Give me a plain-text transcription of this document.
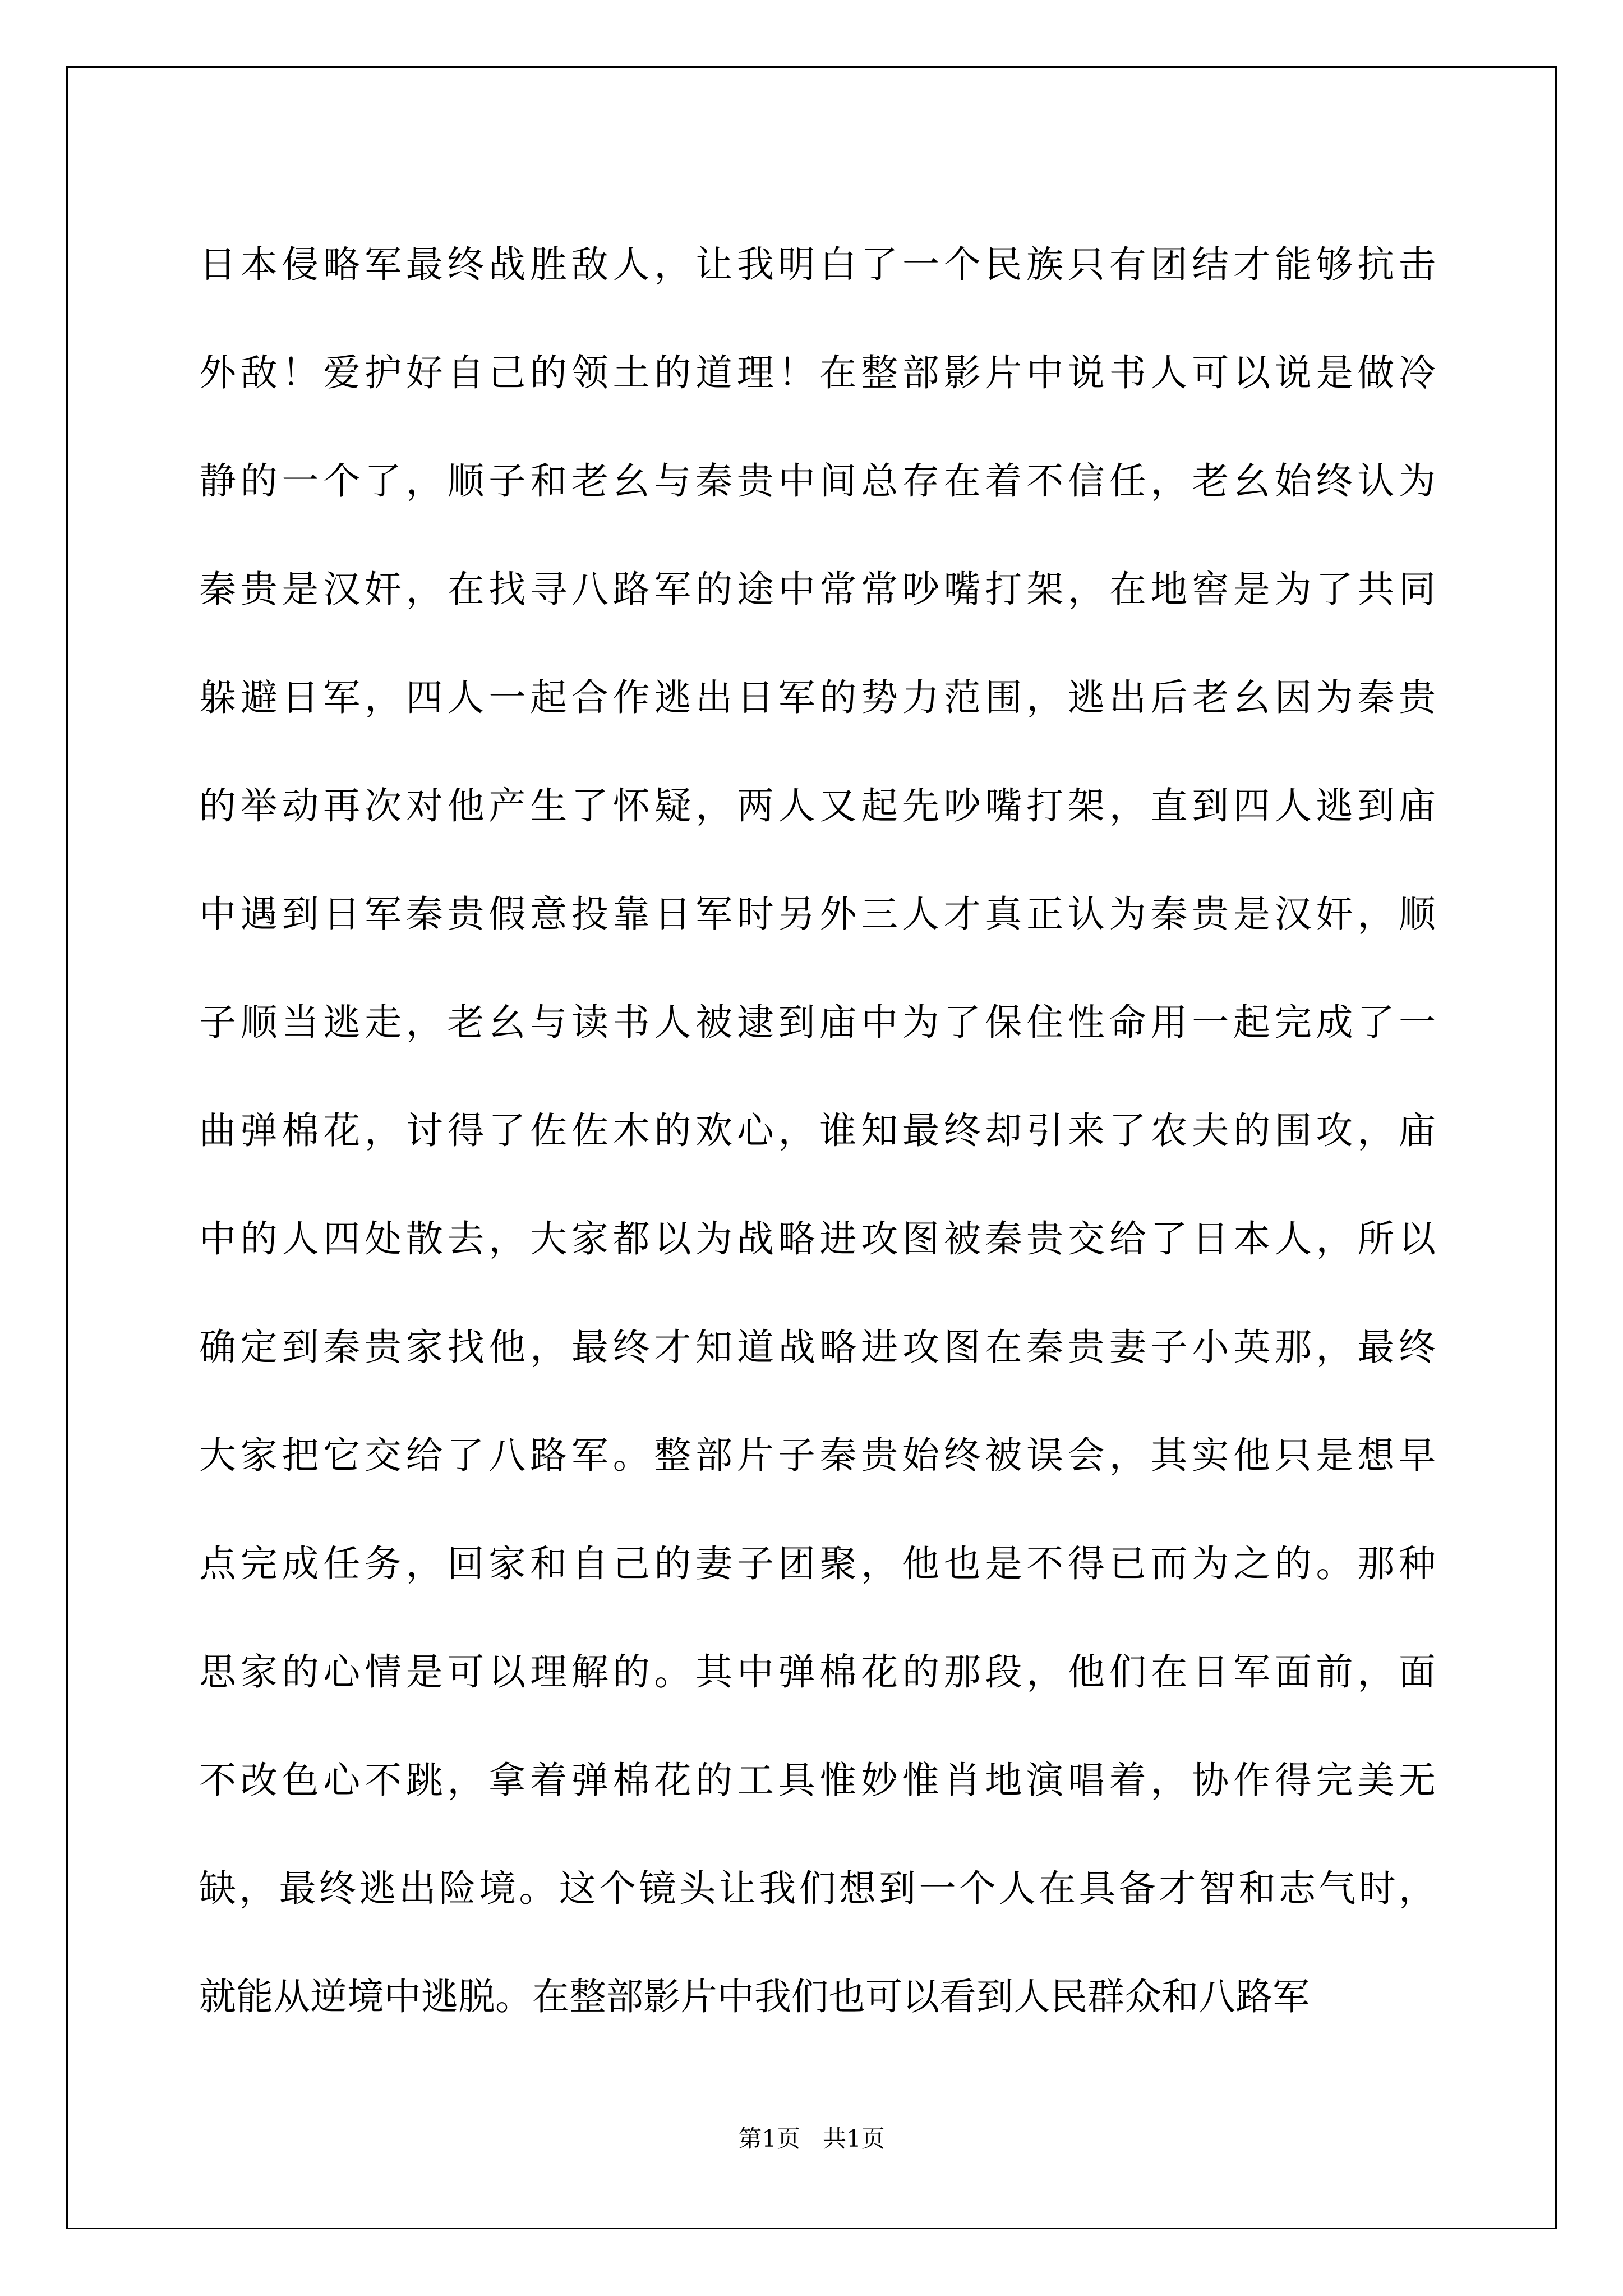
日本侵略军最终战胜敌人，让我明白了一个民族只有团结才能够抗击
外敌！爱护好自己的领土的道理！在整部影片中说书人可以说是做冷
静的一个了，顺子和老幺与秦贵中间总存在着不信任，老幺始终认为
秦贵是汉奸，在找寻八路军的途中常常吵嘴打架，在地窖是为了共同
躲避日军，四人一起合作逃出日军的势力范围，逃出后老幺因为秦贵
的举动再次对他产生了怀疑，两人又起先吵嘴打架，直到四人逃到庙
中遇到日军秦贵假意投靠日军时另外三人才真正认为秦贵是汉奸，顺
子顺当逃走，老幺与读书人被逮到庙中为了保住性命用一起完成了一
曲弹棉花，讨得了佐佐木的欢心，谁知最终却引来了农夫的围攻，庙
中的人四处散去，大家都以为战略进攻图被秦贵交给了日本人，所以
确定到秦贵家找他，最终才知道战略进攻图在秦贵妻子小英那，最终
大家把它交给了八路军。整部片子秦贵始终被误会，其实他只是想早
点完成任务，回家和自己的妻子团聚，他也是不得已而为之的。那种
思家的心情是可以理解的。其中弹棉花的那段，他们在日军面前，面
不改色心不跳，拿着弹棉花的工具惟妙惟肖地演唱着，协作得完美无
缺，最终逃出险境。这个镜头让我们想到一个人在具备才智和志气时，
就能从逆境中逃脱。在整部影片中我们也可以看到人民群众和八路军
第1页 共1页
